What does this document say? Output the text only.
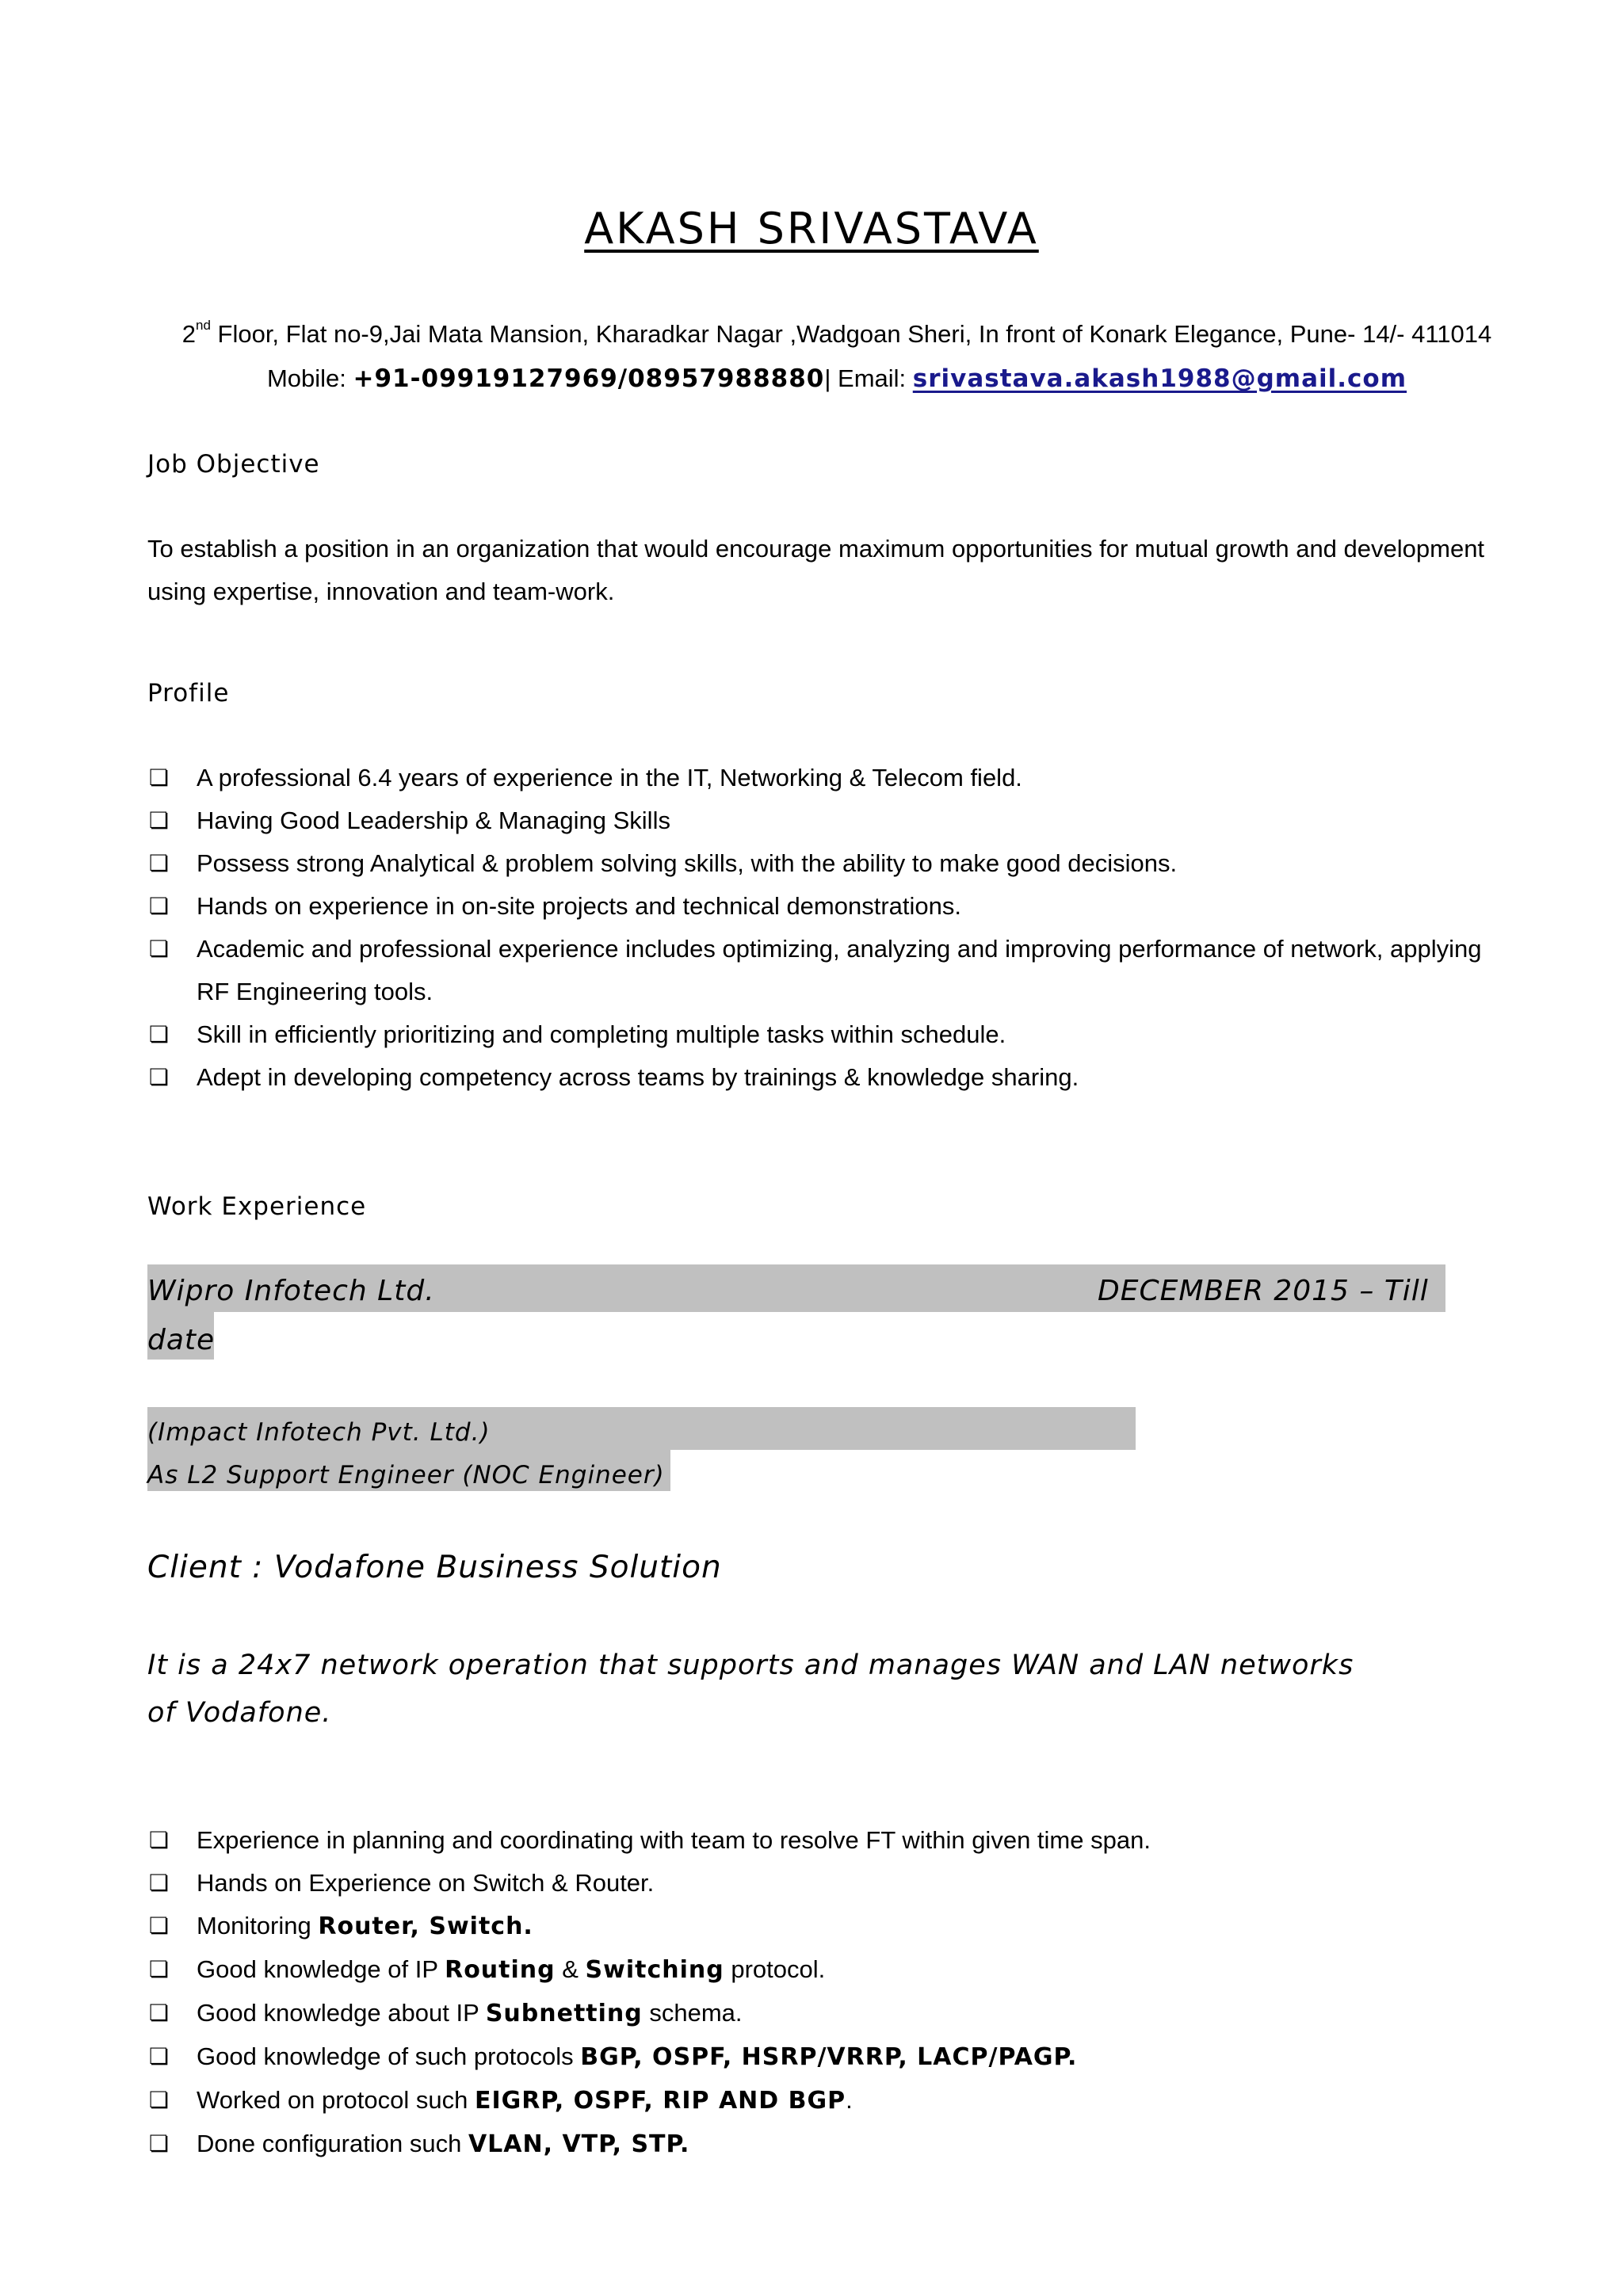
AKASH SRIVASTAVA
2nd Floor, Flat no-9,Jai Mata Mansion, Kharadkar Nagar ,Wadgoan Sheri, In front of Konark Elegance, Pune- 14/- 411014
Mobile: +91-09919127969/08957988880| Email: srivastava.akash1988@gmail.com
Job Objective
To establish a position in an organization that would encourage maximum opportunities for mutual growth and development using expertise, innovation and team-work.
Profile
❏ A professional 6.4 years of experience in the IT, Networking & Telecom field.
❏ Having Good Leadership & Managing Skills
❏ Possess strong Analytical & problem solving skills, with the ability to make good decisions.
❏ Hands on experience in on-site projects and technical demonstrations.
❏ Academic and professional experience includes optimizing, analyzing and improving performance of network, applying RF Engineering tools.
❏ Skill in efficiently prioritizing and completing multiple tasks within schedule.
❏ Adept in developing competency across teams by trainings & knowledge sharing.
Work Experience
Wipro Infotech Ltd.	DECEMBER 2015 – Till
date
(Impact Infotech Pvt. Ltd.)
As L2 Support Engineer (NOC Engineer)
Client : Vodafone Business Solution
It is a 24x7 network operation that supports and manages WAN and LAN networks of Vodafone.
❏ Experience in planning and coordinating with team to resolve FT within given time span.
❏ Hands on Experience on Switch & Router.
❏ Monitoring Router, Switch.
❏ Good knowledge of IP Routing & Switching protocol.
❏ Good knowledge about IP Subnetting schema.
❏ Good knowledge of such protocols BGP, OSPF, HSRP/VRRP, LACP/PAGP.
❏ Worked on protocol such EIGRP, OSPF, RIP AND BGP.
❏ Done configuration such VLAN, VTP, STP.
